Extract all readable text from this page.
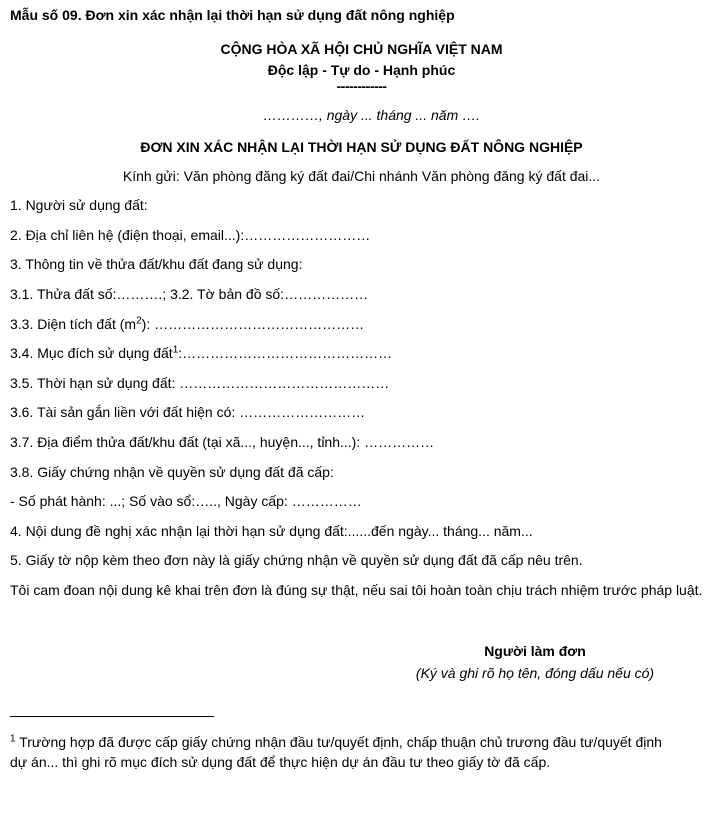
Mẫu số 09. Đơn xin xác nhận lại thời hạn sử dụng đất nông nghiệp
CỘNG HÒA XÃ HỘI CHỦ NGHĨA VIỆT NAM
Độc lập - Tự do - Hạnh phúc
------------
…………, ngày ... tháng ... năm ….
ĐƠN XIN XÁC NHẬN LẠI THỜI HẠN SỬ DỤNG ĐẤT NÔNG NGHIỆP
Kính gửi: Văn phòng đăng ký đất đai/Chi nhánh Văn phòng đăng ký đất đai...
1. Người sử dụng đất:
2. Địa chỉ liên hệ (điện thoại, email...):………………………
3. Thông tin về thửa đất/khu đất đang sử dụng:
3.1. Thửa đất số:……….; 3.2. Tờ bản đồ số:………………
3.3. Diện tích đất $(m^2)$: ………………………………………
3.4. Mục đích sử dụng đất$^1$:………………………………………
3.5. Thời hạn sử dụng đất: ………………………………………
3.6. Tài sản gắn liền với đất hiện có: ………………………
3.7. Địa điểm thửa đất/khu đất (tại xã..., huyện..., tỉnh...): ……………
3.8. Giấy chứng nhận về quyền sử dụng đất đã cấp:
- Số phát hành: ...; Số vào sổ:….., Ngày cấp: ……………
4. Nội dung đề nghị xác nhận lại thời hạn sử dụng đất:......đến ngày... tháng... năm...
5. Giấy tờ nộp kèm theo đơn này là giấy chứng nhận về quyền sử dụng đất đã cấp nêu trên.
Tôi cam đoan nội dung kê khai trên đơn là đúng sự thật, nếu sai tôi hoàn toàn chịu trách nhiệm trước pháp luật.
Người làm đơn
(Ký và ghi rõ họ tên, đóng dấu nếu có)
$^1$ Trường hợp đã được cấp giấy chứng nhận đầu tư/quyết định, chấp thuận chủ trương đầu tư/quyết định dự án... thì ghi rõ mục đích sử dụng đất để thực hiện dự án đầu tư theo giấy tờ đã cấp.
